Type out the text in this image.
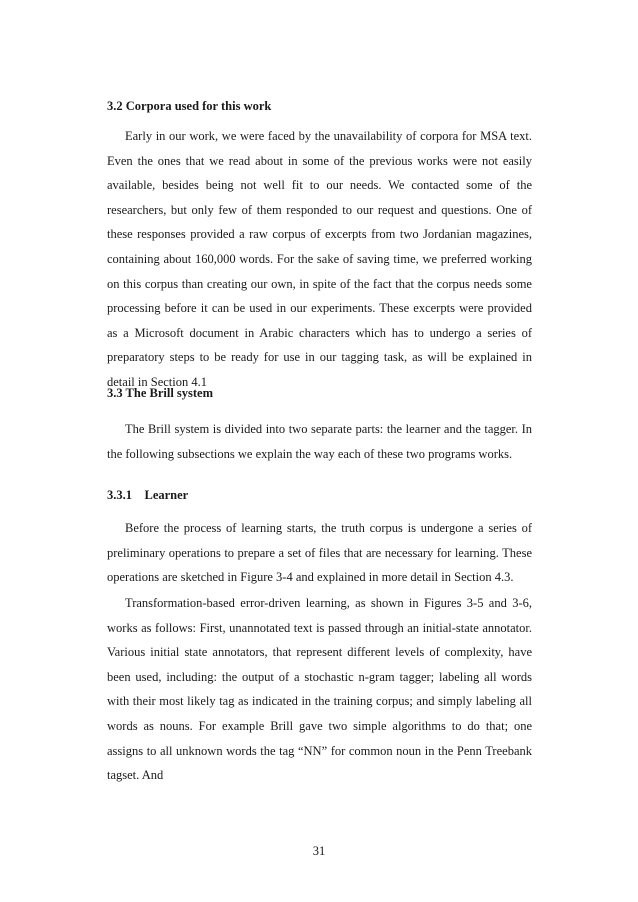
3.2 Corpora used for this work

Early in our work, we were faced by the unavailability of corpora for MSA text. Even the ones that we read about in some of the previous works were not easily available, besides being not well fit to our needs. We contacted some of the researchers, but only few of them responded to our request and questions. One of these responses provided a raw corpus of excerpts from two Jordanian magazines, containing about 160,000 words. For the sake of saving time, we preferred working on this corpus than creating our own, in spite of the fact that the corpus needs some processing before it can be used in our experiments. These excerpts were provided as a Microsoft document in Arabic characters which has to undergo a series of preparatory steps to be ready for use in our tagging task, as will be explained in detail in Section 4.1

3.3 The Brill system

The Brill system is divided into two separate parts: the learner and the tagger. In the following subsections we explain the way each of these two programs works.

3.3.1    Learner

Before the process of learning starts, the truth corpus is undergone a series of preliminary operations to prepare a set of files that are necessary for learning. These operations are sketched in Figure 3-4 and explained in more detail in Section 4.3.

Transformation-based error-driven learning, as shown in Figures 3-5 and 3-6, works as follows: First, unannotated text is passed through an initial-state annotator. Various initial state annotators, that represent different levels of complexity, have been used, including: the output of a stochastic n-gram tagger; labeling all words with their most likely tag as indicated in the training corpus; and simply labeling all words as nouns. For example Brill gave two simple algorithms to do that; one assigns to all unknown words the tag “NN” for common noun in the Penn Treebank tagset. And

31
